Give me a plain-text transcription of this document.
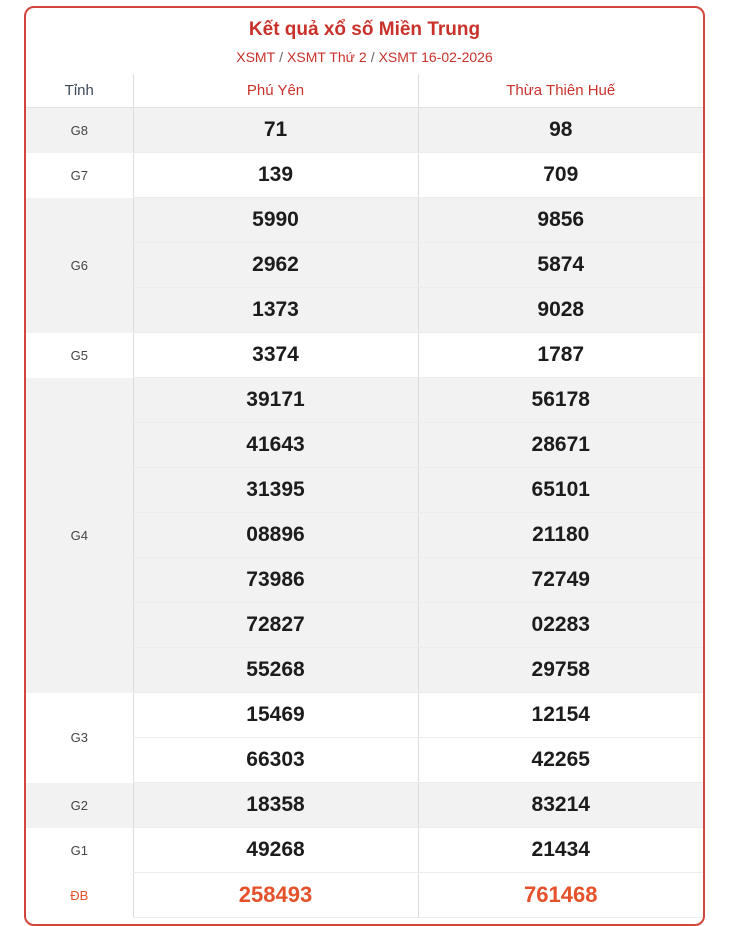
Kết quả xổ số Miền Trung
XSMT / XSMT Thứ 2 / XSMT 16-02-2026
Tỉnh	Phú Yên	Thừa Thiên Huế
G8	71	98
G7	139	709
G6	5990	9856
	2962	5874
	1373	9028
G5	3374	1787
G4	39171	56178
	41643	28671
	31395	65101
	08896	21180
	73986	72749
	72827	02283
	55268	29758
G3	15469	12154
	66303	42265
G2	18358	83214
G1	49268	21434
ĐB	258493	761468
